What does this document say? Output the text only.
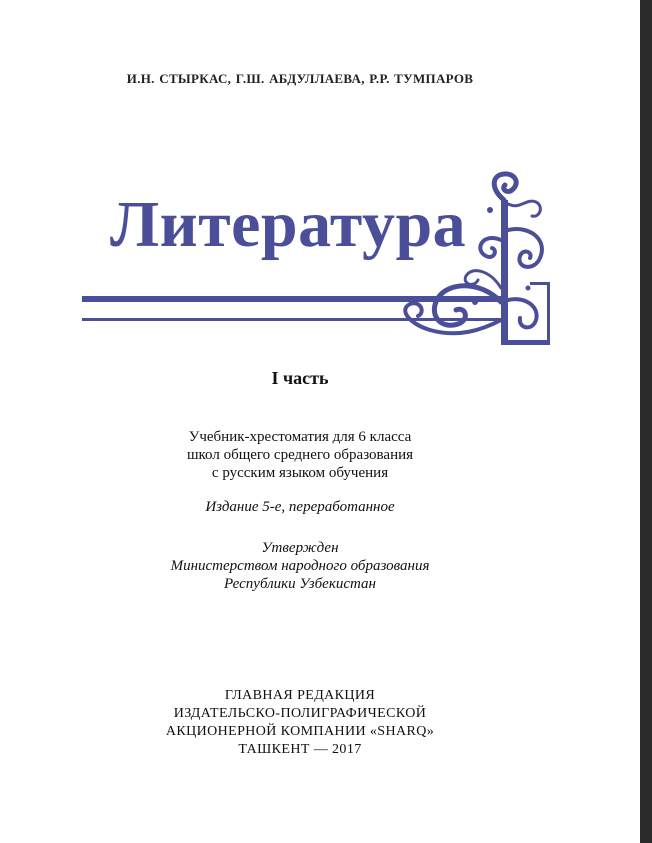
И.Н. СТЫРКАС, Г.Ш. АБДУЛЛАЕВА, Р.Р. ТУМПАРОВ
Литература
I часть
Учебник-хрестоматия для 6 класса
школ общего среднего образования
с русским языком обучения
Издание 5-е, переработанное
Утвержден
Министерством народного образования
Республики Узбекистан
ГЛАВНАЯ РЕДАКЦИЯ
ИЗДАТЕЛЬСКО-ПОЛИГРАФИЧЕСКОЙ
АКЦИОНЕРНОЙ КОМПАНИИ «SHARQ»
ТАШКЕНТ — 2017
